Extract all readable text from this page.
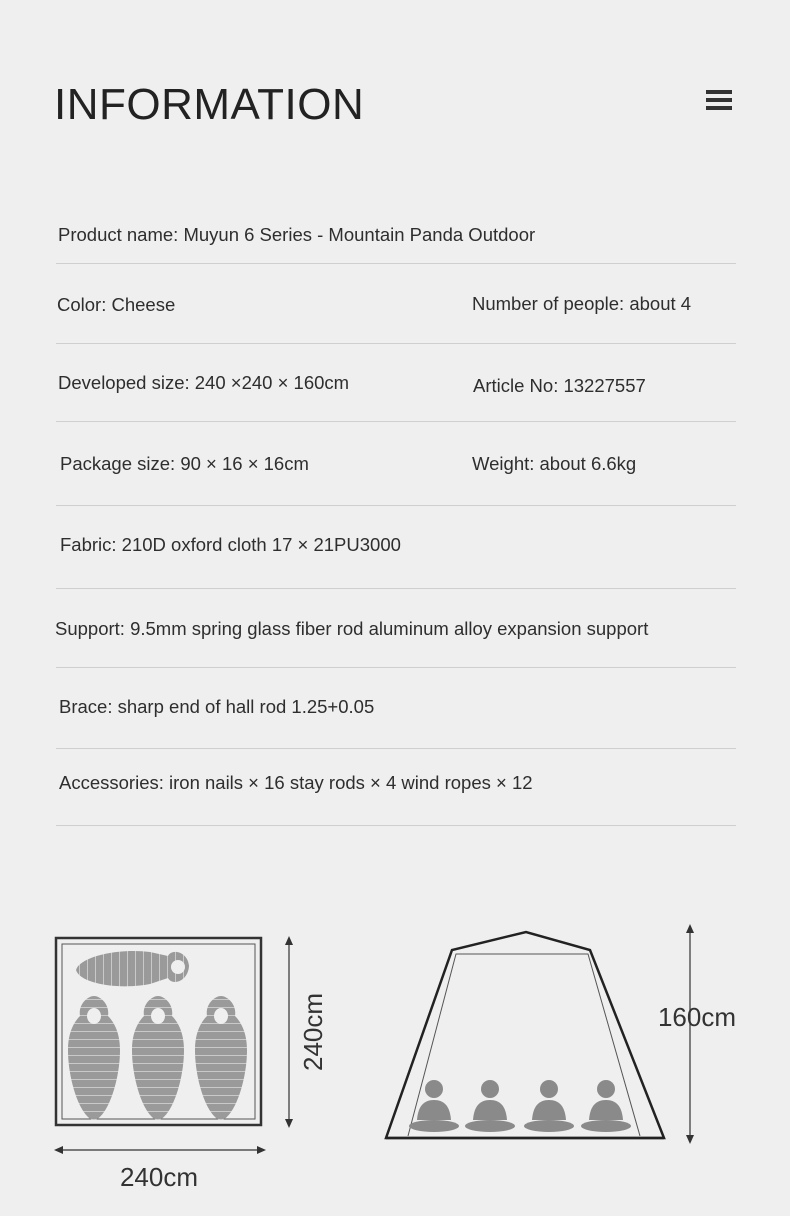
INFORMATION
Product name: Muyun 6 Series - Mountain Panda Outdoor
Color: Cheese	Number of people: about 4
Developed size: 240 ×240 × 160cm	Article No: 13227557
Package size: 90 × 16 × 16cm	Weight: about 6.6kg
Fabric: 210D oxford cloth 17 × 21PU3000
Support: 9.5mm spring glass fiber rod aluminum alloy expansion support
Brace: sharp end of hall rod 1.25+0.05
Accessories: iron nails × 16 stay rods × 4 wind ropes × 12
240cm
240cm
160cm
